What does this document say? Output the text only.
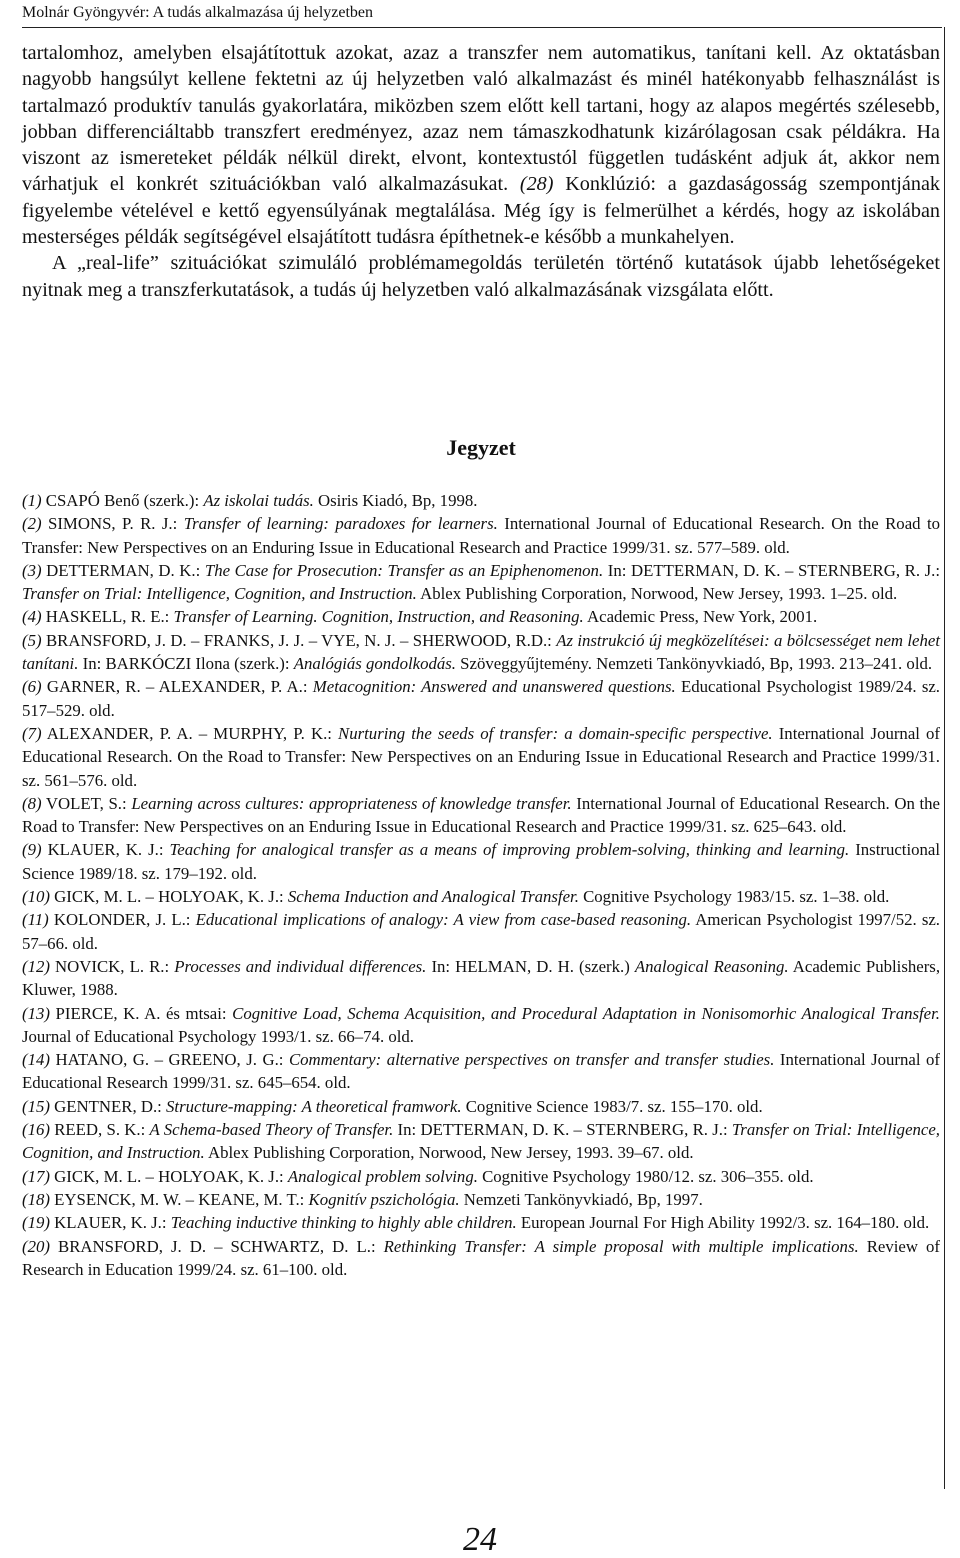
Molnár Gyöngyvér: A tudás alkalmazása új helyzetben

tartalomhoz, amelyben elsajátítottuk azokat, azaz a transzfer nem automatikus, tanítani kell. Az oktatásban nagyobb hangsúlyt kellene fektetni az új helyzetben való alkalmazást és minél hatékonyabb felhasználást is tartalmazó produktív tanulás gyakorlatára, miközben szem előtt kell tartani, hogy az alapos megértés szélesebb, jobban differenciáltabb transzfert eredményez, azaz nem támaszkodhatunk kizárólagosan csak példákra. Ha viszont az ismereteket példák nélkül direkt, elvont, kontextustól független tudásként adjuk át, akkor nem várhatjuk el konkrét szituációkban való alkalmazásukat. (28) Konklúzió: a gazdaságosság szempontjának figyelembe vételével e kettő egyensúlyának megtalálása. Még így is felmerülhet a kérdés, hogy az iskolában mesterséges példák segítségével elsajátított tudásra építhetnek-e később a munkahelyen.

A „real-life” szituációkat szimuláló problémamegoldás területén történő kutatások újabb lehetőségeket nyitnak meg a transzferkutatások, a tudás új helyzetben való alkalmazásának vizsgálata előtt.

Jegyzet

(1) CSAPÓ Benő (szerk.): Az iskolai tudás. Osiris Kiadó, Bp, 1998.

(2) SIMONS, P. R. J.: Transfer of learning: paradoxes for learners. International Journal of Educational Research. On the Road to Transfer: New Perspectives on an Enduring Issue in Educational Research and Practice 1999/31. sz. 577–589. old.

(3) DETTERMAN, D. K.: The Case for Prosecution: Transfer as an Epiphenomenon. In: DETTERMAN, D. K. – STERNBERG, R. J.: Transfer on Trial: Intelligence, Cognition, and Instruction. Ablex Publishing Corporation, Norwood, New Jersey, 1993. 1–25. old.

(4) HASKELL, R. E.: Transfer of Learning. Cognition, Instruction, and Reasoning. Academic Press, New York, 2001.

(5) BRANSFORD, J. D. – FRANKS, J. J. – VYE, N. J. – SHERWOOD, R.D.: Az instrukció új megközelítései: a bölcsességet nem lehet tanítani. In: BARKÓCZI Ilona (szerk.): Analógiás gondolkodás. Szöveggyűjtemény. Nemzeti Tankönyvkiadó, Bp, 1993. 213–241. old.

(6) GARNER, R. – ALEXANDER, P. A.: Metacognition: Answered and unanswered questions. Educational Psychologist 1989/24. sz. 517–529. old.

(7) ALEXANDER, P. A. – MURPHY, P. K.: Nurturing the seeds of transfer: a domain-specific perspective. International Journal of Educational Research. On the Road to Transfer: New Perspectives on an Enduring Issue in Educational Research and Practice 1999/31. sz. 561–576. old.

(8) VOLET, S.: Learning across cultures: appropriateness of knowledge transfer. International Journal of Educational Research. On the Road to Transfer: New Perspectives on an Enduring Issue in Educational Research and Practice 1999/31. sz. 625–643. old.

(9) KLAUER, K. J.: Teaching for analogical transfer as a means of improving problem-solving, thinking and learning. Instructional Science 1989/18. sz. 179–192. old.

(10) GICK, M. L. – HOLYOAK, K. J.: Schema Induction and Analogical Transfer. Cognitive Psychology 1983/15. sz. 1–38. old.

(11) KOLONDER, J. L.: Educational implications of analogy: A view from case-based reasoning. American Psychologist 1997/52. sz. 57–66. old.

(12) NOVICK, L. R.: Processes and individual differences. In: HELMAN, D. H. (szerk.) Analogical Reasoning. Academic Publishers, Kluwer, 1988.

(13) PIERCE, K. A. és mtsai: Cognitive Load, Schema Acquisition, and Procedural Adaptation in Nonisomorhic Analogical Transfer. Journal of Educational Psychology 1993/1. sz. 66–74. old.

(14) HATANO, G. – GREENO, J. G.: Commentary: alternative perspectives on transfer and transfer studies. International Journal of Educational Research 1999/31. sz. 645–654. old.

(15) GENTNER, D.: Structure-mapping: A theoretical framwork. Cognitive Science 1983/7. sz. 155–170. old.

(16) REED, S. K.: A Schema-based Theory of Transfer. In: DETTERMAN, D. K. – STERNBERG, R. J.: Transfer on Trial: Intelligence, Cognition, and Instruction. Ablex Publishing Corporation, Norwood, New Jersey, 1993. 39–67. old.

(17) GICK, M. L. – HOLYOAK, K. J.: Analogical problem solving. Cognitive Psychology 1980/12. sz. 306–355. old.

(18) EYSENCK, M. W. – KEANE, M. T.: Kognitív pszichológia. Nemzeti Tankönyvkiadó, Bp, 1997.

(19) KLAUER, K. J.: Teaching inductive thinking to highly able children. European Journal For High Ability 1992/3. sz. 164–180. old.

(20) BRANSFORD, J. D. – SCHWARTZ, D. L.: Rethinking Transfer: A simple proposal with multiple implications. Review of Research in Education 1999/24. sz. 61–100. old.

24
